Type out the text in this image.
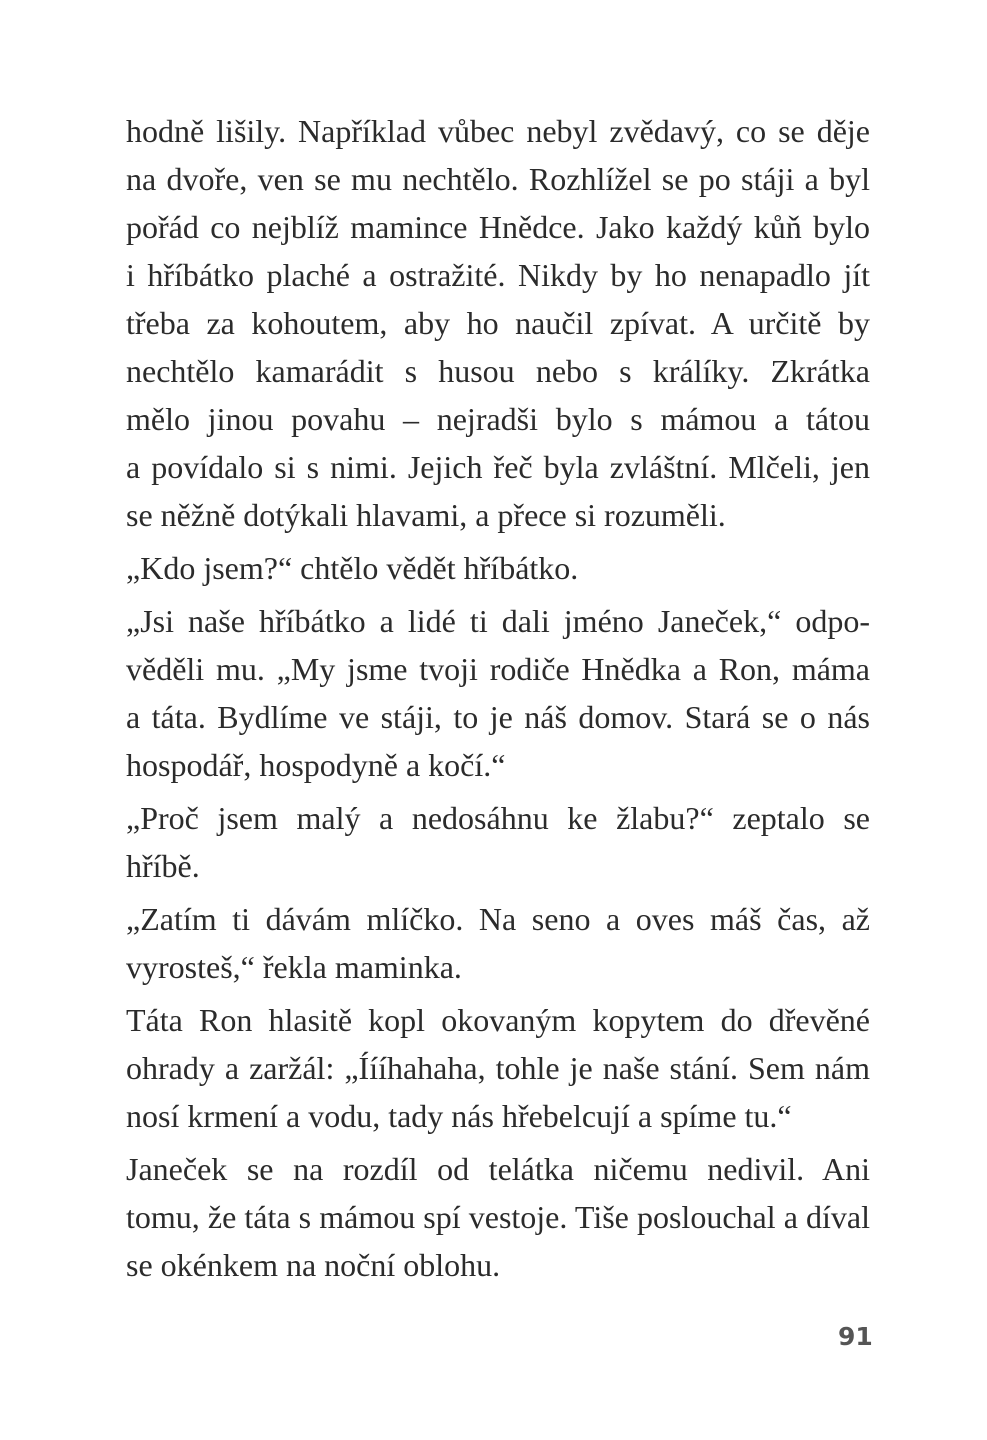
hodně lišily. Například vůbec nebyl zvědavý, co se děje
na dvoře, ven se mu nechtělo. Rozhlížel se po stáji a byl
pořád co nejblíž mamince Hnědce. Jako každý kůň bylo
i hříbátko plaché a ostražité. Nikdy by ho nenapadlo jít
třeba za kohoutem, aby ho naučil zpívat. A určitě by
nechtělo kamarádit s husou nebo s králíky. Zkrátka
mělo jinou povahu – nejradši bylo s mámou a tátou
a povídalo si s nimi. Jejich řeč byla zvláštní. Mlčeli, jen
se něžně dotýkali hlavami, a přece si rozuměli.
„Kdo jsem?“ chtělo vědět hříbátko.
„Jsi naše hříbátko a lidé ti dali jméno Janeček,“ odpo-
věděli mu. „My jsme tvoji rodiče Hnědka a Ron, máma
a táta. Bydlíme ve stáji, to je náš domov. Stará se o nás
hospodář, hospodyně a kočí.“
„Proč jsem malý a nedosáhnu ke žlabu?“ zeptalo se
hříbě.
„Zatím ti dávám mlíčko. Na seno a oves máš čas, až
vyrosteš,“ řekla maminka.
Táta Ron hlasitě kopl okovaným kopytem do dřevěné
ohrady a zaržál: „Íííhahaha, tohle je naše stání. Sem nám
nosí krmení a vodu, tady nás hřebelcují a spíme tu.“
Janeček se na rozdíl od telátka ničemu nedivil. Ani
tomu, že táta s mámou spí vestoje. Tiše poslouchal a díval
se okénkem na noční oblohu.
91
